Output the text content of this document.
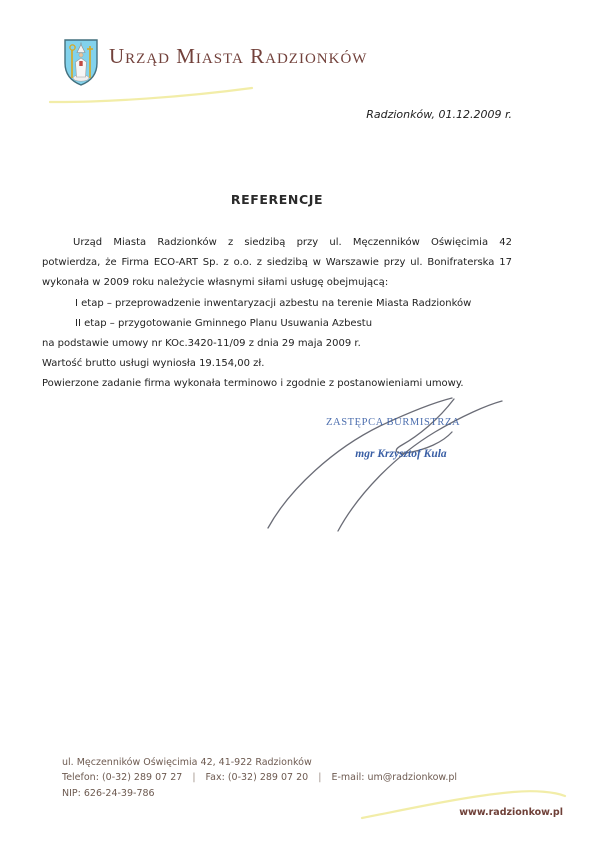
Urząd Miasta Radzionków
Radzionków, 01.12.2009 r.
REFERENCJE
Urząd Miasta Radzionków z siedzibą przy ul. Męczenników Oświęcimia 42
potwierdza, że Firma ECO-ART Sp. z o.o. z siedzibą w Warszawie przy ul. Bonifraterska 17
wykonała w 2009 roku należycie własnymi siłami usługę obejmującą:
I etap – przeprowadzenie inwentaryzacji azbestu na terenie Miasta Radzionków
II etap – przygotowanie Gminnego Planu Usuwania Azbestu
na podstawie umowy nr KOc.3420-11/09 z dnia 29 maja 2009 r.
Wartość brutto usługi wyniosła 19.154,00 zł.
Powierzone zadanie firma wykonała terminowo i zgodnie z postanowieniami umowy.
ZASTĘPCA BURMISTRZA
mgr Krzysztof Kula
ul. Męczenników Oświęcimia 42, 41-922 Radzionków
Telefon: (0-32) 289 07 27 | Fax: (0-32) 289 07 20 | E-mail: um@radzionkow.pl
NIP: 626-24-39-786
www.radzionkow.pl
